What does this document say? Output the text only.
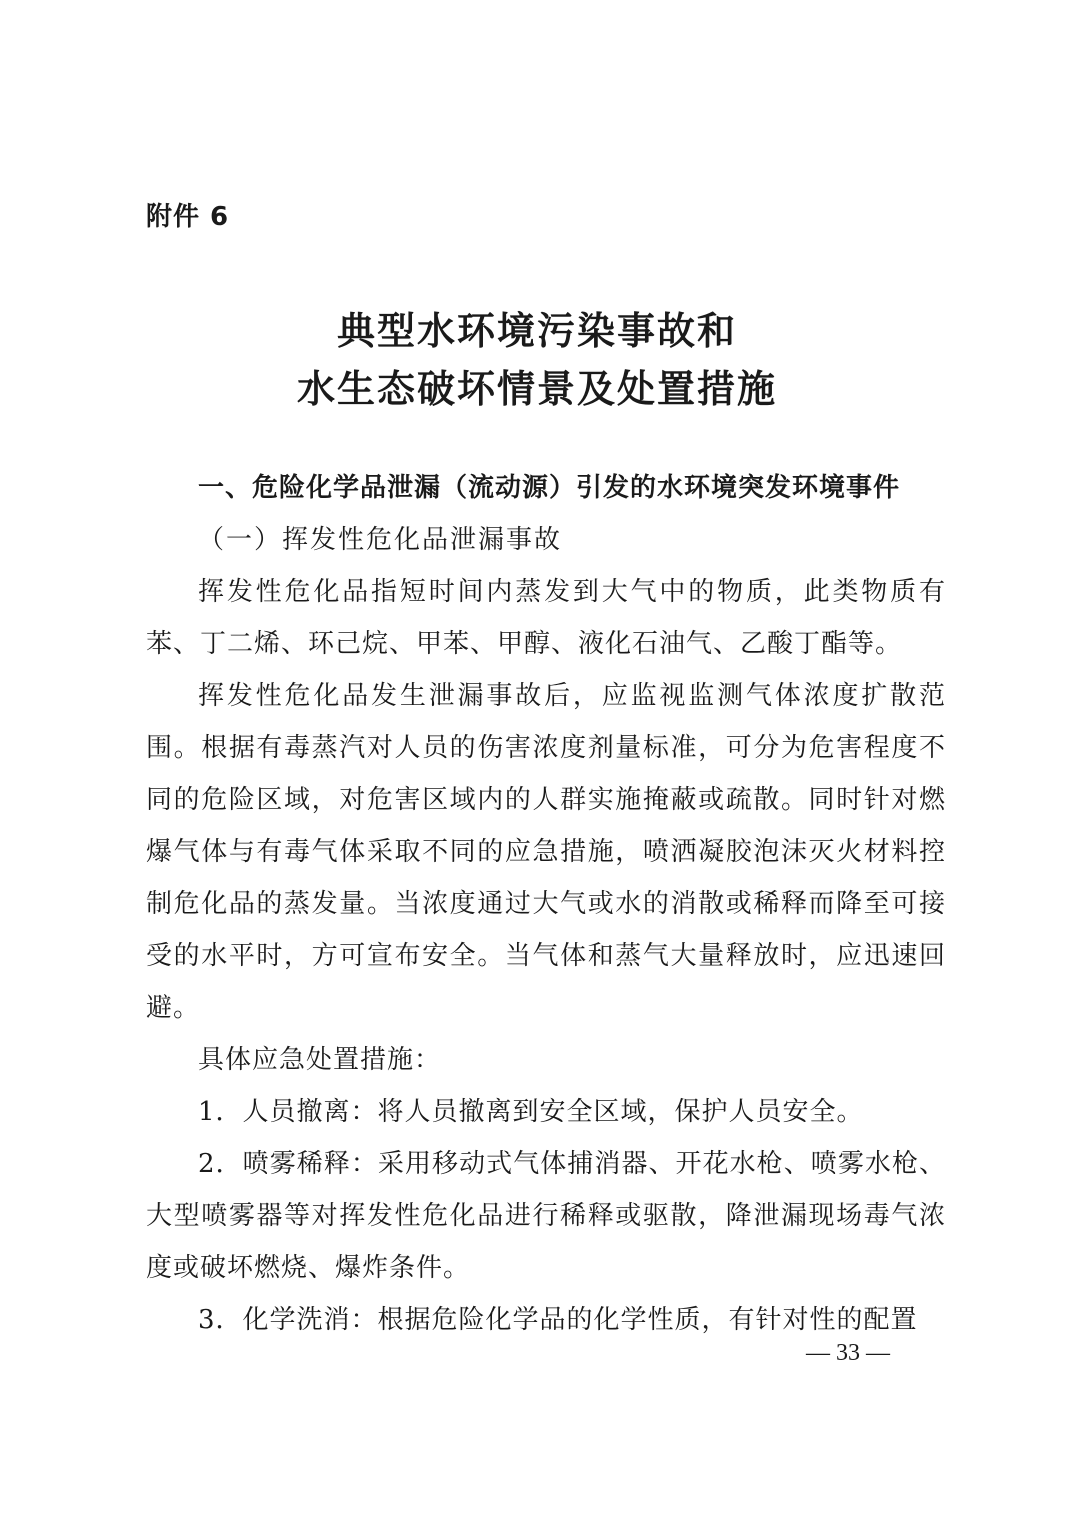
附件 6
典型水环境污染事故和
水生态破坏情景及处置措施

一、危险化学品泄漏（流动源）引发的水环境突发环境事件

（一）挥发性危化品泄漏事故

挥发性危化品指短时间内蒸发到大气中的物质，此类物质有苯、丁二烯、环己烷、甲苯、甲醇、液化石油气、乙酸丁酯等。

挥发性危化品发生泄漏事故后，应监视监测气体浓度扩散范围。根据有毒蒸汽对人员的伤害浓度剂量标准，可分为危害程度不同的危险区域，对危害区域内的人群实施掩蔽或疏散。同时针对燃爆气体与有毒气体采取不同的应急措施，喷洒凝胶泡沫灭火材料控制危化品的蒸发量。当浓度通过大气或水的消散或稀释而降至可接受的水平时，方可宣布安全。当气体和蒸气大量释放时，应迅速回避。

具体应急处置措施：

1．人员撤离：将人员撤离到安全区域，保护人员安全。

2．喷雾稀释：采用移动式气体捕消器、开花水枪、喷雾水枪、大型喷雾器等对挥发性危化品进行稀释或驱散，降泄漏现场毒气浓度或破坏燃烧、爆炸条件。

3．化学洗消：根据危险化学品的化学性质，有针对性的配置

— 33 —
